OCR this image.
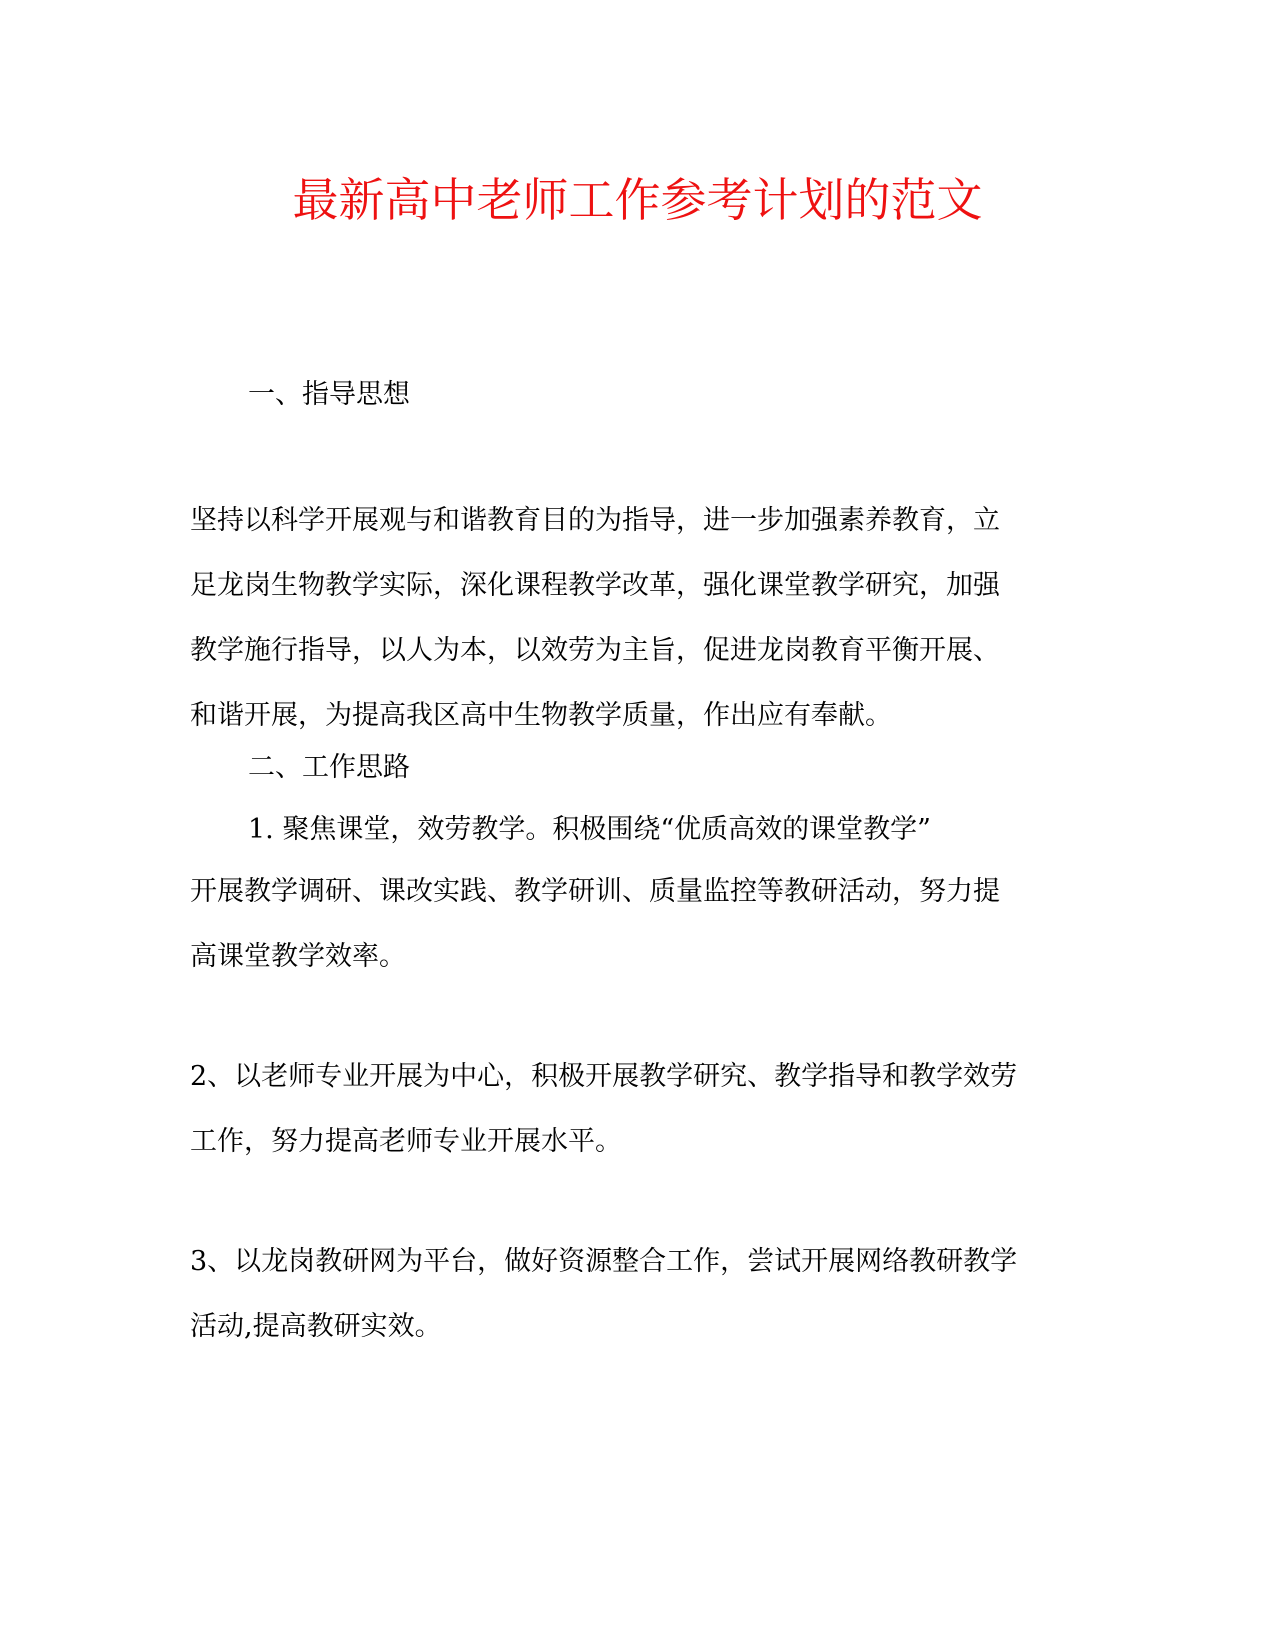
最新高中老师工作参考计划的范文
一、指导思想
坚持以科学开展观与和谐教育目的为指导，进一步加强素养教育，立
足龙岗生物教学实际，深化课程教学改革，强化课堂教学研究，加强
教学施行指导，以人为本，以效劳为主旨，促进龙岗教育平衡开展、
和谐开展，为提高我区高中生物教学质量，作出应有奉献。
二、工作思路
1. 聚焦课堂，效劳教学。积极围绕“优质高效的课堂教学”
开展教学调研、课改实践、教学研训、质量监控等教研活动，努力提
高课堂教学效率。
2、以老师专业开展为中心，积极开展教学研究、教学指导和教学效劳
工作，努力提高老师专业开展水平。
3、以龙岗教研网为平台，做好资源整合工作，尝试开展网络教研教学
活动,提高教研实效。
